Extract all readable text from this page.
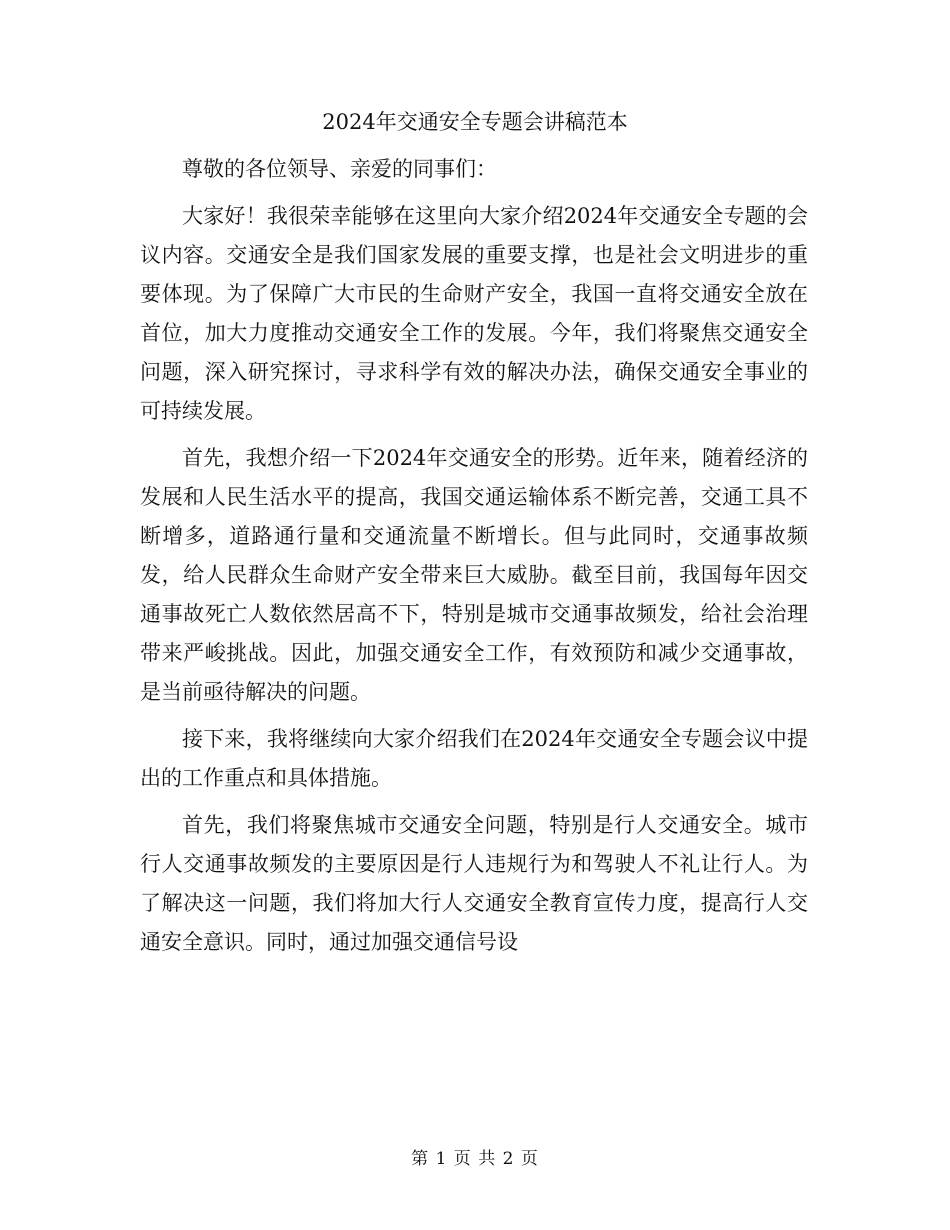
2024年交通安全专题会讲稿范本

尊敬的各位领导、亲爱的同事们：

大家好！我很荣幸能够在这里向大家介绍2024年交通安全专题的会议内容。交通安全是我们国家发展的重要支撑，也是社会文明进步的重要体现。为了保障广大市民的生命财产安全，我国一直将交通安全放在首位，加大力度推动交通安全工作的发展。今年，我们将聚焦交通安全问题，深入研究探讨，寻求科学有效的解决办法，确保交通安全事业的可持续发展。

首先，我想介绍一下2024年交通安全的形势。近年来，随着经济的发展和人民生活水平的提高，我国交通运输体系不断完善，交通工具不断增多，道路通行量和交通流量不断增长。但与此同时，交通事故频发，给人民群众生命财产安全带来巨大威胁。截至目前，我国每年因交通事故死亡人数依然居高不下，特别是城市交通事故频发，给社会治理带来严峻挑战。因此，加强交通安全工作，有效预防和减少交通事故，是当前亟待解决的问题。

接下来，我将继续向大家介绍我们在2024年交通安全专题会议中提出的工作重点和具体措施。

首先，我们将聚焦城市交通安全问题，特别是行人交通安全。城市行人交通事故频发的主要原因是行人违规行为和驾驶人不礼让行人。为了解决这一问题，我们将加大行人交通安全教育宣传力度，提高行人交通安全意识。同时，通过加强交通信号设

第 1 页 共 2 页
